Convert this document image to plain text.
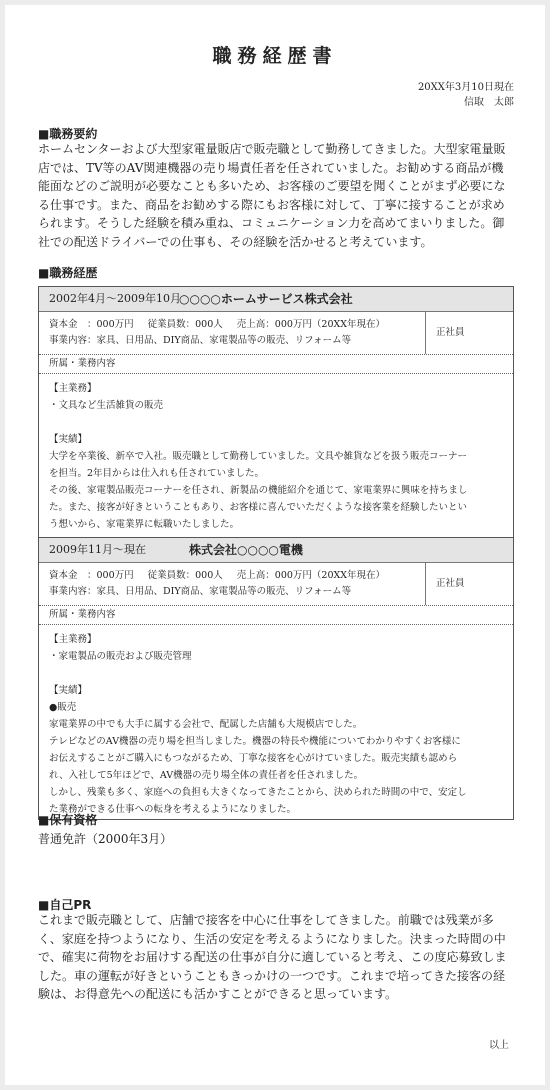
職務経歴書
20XX年3月10日現在
信取　太郎
■職務要約
ホームセンターおよび大型家電量販店で販売職として勤務してきました。大型家電量販
店では、TV等のAV関連機器の売り場責任者を任されていました。お勧めする商品が機
能面などのご説明が必要なことも多いため、お客様のご要望を聞くことがまず必要にな
る仕事です。また、商品をお勧めする際にもお客様に対して、丁寧に接することが求め
られます。そうした経験を積み重ね、コミュニケーション力を高めてまいりました。御
社での配送ドライバーでの仕事も、その経験を活かせると考えています。
■職務経歴
2002年4月～2009年10月
○○○○ホームサービス株式会社
資本金　：000万円 従業員数：000人 売上高：000万円（20XX年現在）
事業内容：家具、日用品、DIY商品、家電製品等の販売、リフォーム等
正社員
所属・業務内容
【主業務】
・文具など生活雑貨の販売
【実績】
大学を卒業後、新卒で入社。販売職として勤務していました。文具や雑貨などを扱う販売コーナー
を担当。2年目からは仕入れも任されていました。
その後、家電製品販売コーナーを任され、新製品の機能紹介を通じて、家電業界に興味を持ちまし
た。また、接客が好きということもあり、お客様に喜んでいただくような接客業を経験したいとい
う想いから、家電業界に転職いたしました。
2009年11月～現在	株式会社○○○○電機
資本金　：000万円 従業員数：000人 売上高：000万円（20XX年現在）
事業内容：家具、日用品、DIY商品、家電製品等の販売、リフォーム等
正社員
所属・業務内容
【主業務】
・家電製品の販売および販売管理
【実績】
●販売
家電業界の中でも大手に属する会社で、配属した店舗も大規模店でした。
テレビなどのAV機器の売り場を担当しました。機器の特長や機能についてわかりやすくお客様に
お伝えすることがご購入にもつながるため、丁寧な接客を心がけていました。販売実績も認めら
れ、入社して5年ほどで、AV機器の売り場全体の責任者を任されました。
しかし、残業も多く、家庭への負担も大きくなってきたことから、決められた時間の中で、安定し
た業務ができる仕事への転身を考えるようになりました。
■保有資格
普通免許（2000年3月）
■自己PR
これまで販売職として、店舗で接客を中心に仕事をしてきました。前職では残業が多
く、家庭を持つようになり、生活の安定を考えるようになりました。決まった時間の中
で、確実に荷物をお届けする配送の仕事が自分に適していると考え、この度応募致しま
した。車の運転が好きということもきっかけの一つです。これまで培ってきた接客の経
験は、お得意先への配送にも活かすことができると思っています。
以上
